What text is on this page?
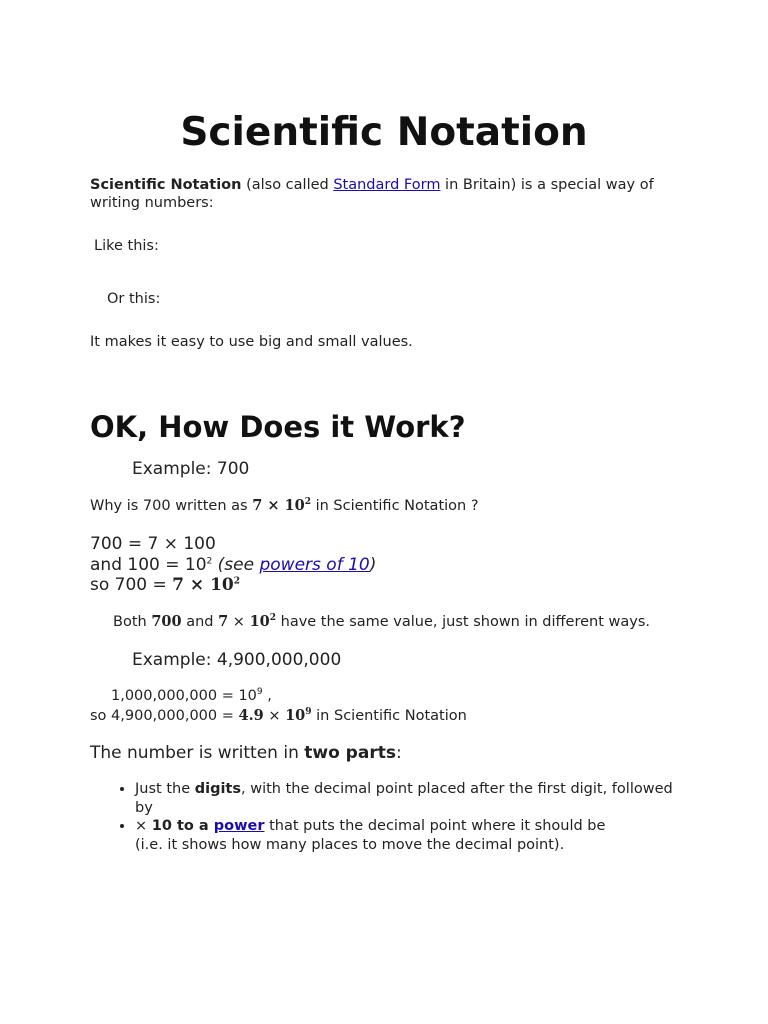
Scientific Notation
Scientific Notation (also called Standard Form in Britain) is a special way of writing numbers:
Like this:
Or this:
It makes it easy to use big and small values.
OK, How Does it Work?
Example: 700
Why is 700 written as $7 \times 10^2$ in Scientific Notation ?
700 = 7 × 100
and $100 = 10^2$ (see powers of 10)
so $700 = 7 \times 10^2$
Both 700 and $7 \times 10^2$ have the same value, just shown in different ways.
Example: 4,900,000,000
$1,000,000,000 = 10^9$ ,
so $4,900,000,000 = 4.9 \times 10^9$ in Scientific Notation
The number is written in two parts:
• Just the digits, with the decimal point placed after the first digit, followed by
• × 10 to a power that puts the decimal point where it should be
(i.e. it shows how many places to move the decimal point).
